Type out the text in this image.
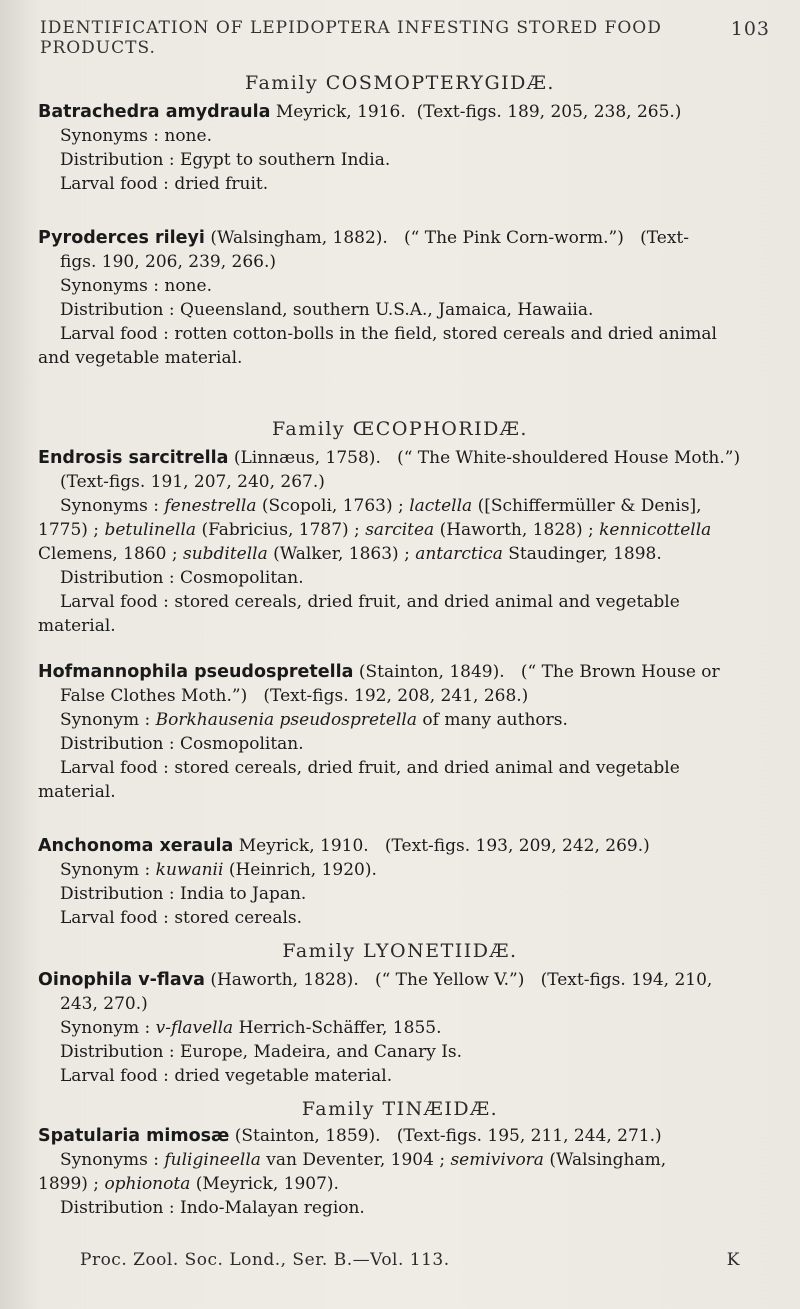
IDENTIFICATION OF LEPIDOPTERA INFESTING STORED FOOD PRODUCTS.
103

Family COSMOPTERYGIDÆ.

Batrachedra amydraula Meyrick, 1916. (Text-figs. 189, 205, 238, 265.)
Synonyms : none.
Distribution : Egypt to southern India.
Larval food : dried fruit.
Pyroderces rileyi (Walsingham, 1882). (“ The Pink Corn-worm.”) (Text-
figs. 190, 206, 239, 266.)
Synonyms : none.
Distribution : Queensland, southern U.S.A., Jamaica, Hawaiia.
Larval food : rotten cotton-bolls in the field, stored cereals and dried animal
and vegetable material.

Family ŒCOPHORIDÆ.

Endrosis sarcitrella (Linnæus, 1758). (“ The White-shouldered House Moth.”)
(Text-figs. 191, 207, 240, 267.)
Synonyms : fenestrella (Scopoli, 1763) ; lactella ([Schiffermüller & Denis],
1775) ; betulinella (Fabricius, 1787) ; sarcitea (Haworth, 1828) ; kennicottella
Clemens, 1860 ; subditella (Walker, 1863) ; antarctica Staudinger, 1898.
Distribution : Cosmopolitan.
Larval food : stored cereals, dried fruit, and dried animal and vegetable
material.
Hofmannophila pseudospretella (Stainton, 1849). (“ The Brown House or
False Clothes Moth.”) (Text-figs. 192, 208, 241, 268.)
Synonym : Borkhausenia pseudospretella of many authors.
Distribution : Cosmopolitan.
Larval food : stored cereals, dried fruit, and dried animal and vegetable
material.
Anchonoma xeraula Meyrick, 1910. (Text-figs. 193, 209, 242, 269.)
Synonym : kuwanii (Heinrich, 1920).
Distribution : India to Japan.
Larval food : stored cereals.

Family LYONETIIDÆ.

Oinophila v-flava (Haworth, 1828). (“ The Yellow V.”) (Text-figs. 194, 210,
243, 270.)
Synonym : v-flavella Herrich-Schäffer, 1855.
Distribution : Europe, Madeira, and Canary Is.
Larval food : dried vegetable material.

Family TINÆIDÆ.

Spatularia mimosæ (Stainton, 1859). (Text-figs. 195, 211, 244, 271.)
Synonyms : fuligineella van Deventer, 1904 ; semivivora (Walsingham,
1899) ; ophionota (Meyrick, 1907).
Distribution : Indo-Malayan region.
Proc. Zool. Soc. Lond., Ser. B.—Vol. 113.	K
